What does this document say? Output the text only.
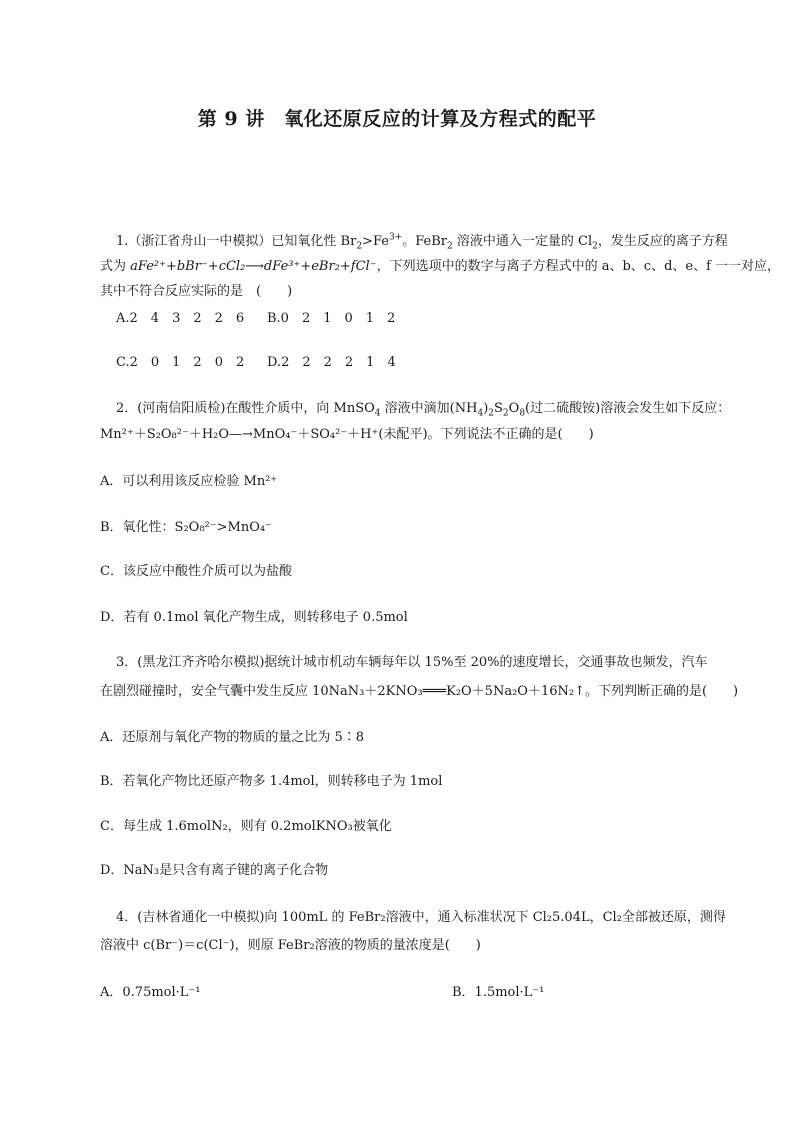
第 9 讲　氧化还原反应的计算及方程式的配平
1.（浙江省舟山一中模拟）已知氧化性 $Br_2>Fe^{3+}$。FeBr$_2$ 溶液中通入一定量的 $Cl_2$，发生反应的离子方程
式为 aFe²⁺+bBr⁻+cCl₂⟶dFe³⁺+eBr₂+fCl⁻，下列选项中的数字与离子方程式中的 a、b、c、d、e、f 一一对应，
其中不符合反应实际的是　(　　)
A.2　4　3　2　2　6 B.0　2　1　0　1　2
C.2　0　1　2　0　2 D.2　2　2　2　1　4
2．(河南信阳质检)在酸性介质中，向 MnSO$_4$ 溶液中滴加$(NH_4)_2S_2O_8$(过二硫酸铵)溶液会发生如下反应：
Mn²⁺＋S₂O₈²⁻＋H₂O—→MnO₄⁻＋SO₄²⁻＋H⁺(未配平)。下列说法不正确的是(　　)
A．可以利用该反应检验 Mn²⁺
B．氧化性：S₂O₈²⁻>MnO₄⁻
C．该反应中酸性介质可以为盐酸
D．若有 0.1mol 氧化产物生成，则转移电子 0.5mol
3．(黑龙江齐齐哈尔模拟)据统计城市机动车辆每年以 15%至 20%的速度增长，交通事故也频发，汽车
在剧烈碰撞时，安全气囊中发生反应 10NaN₃＋2KNO₃═══K₂O＋5Na₂O＋16N₂↑。下列判断正确的是(　　)
A．还原剂与氧化产物的物质的量之比为 5∶8
B．若氧化产物比还原产物多 1.4mol，则转移电子为 1mol
C．每生成 1.6molN₂，则有 0.2molKNO₃被氧化
D．NaN₃是只含有离子键的离子化合物
4．(吉林省通化一中模拟)向 100mL 的 FeBr₂溶液中，通入标准状况下 Cl₂5.04L，Cl₂全部被还原，测得
溶液中 c(Br⁻)＝c(Cl⁻)，则原 FeBr₂溶液的物质的量浓度是(　　)
A．0.75mol·L⁻¹	B．1.5mol·L⁻¹
